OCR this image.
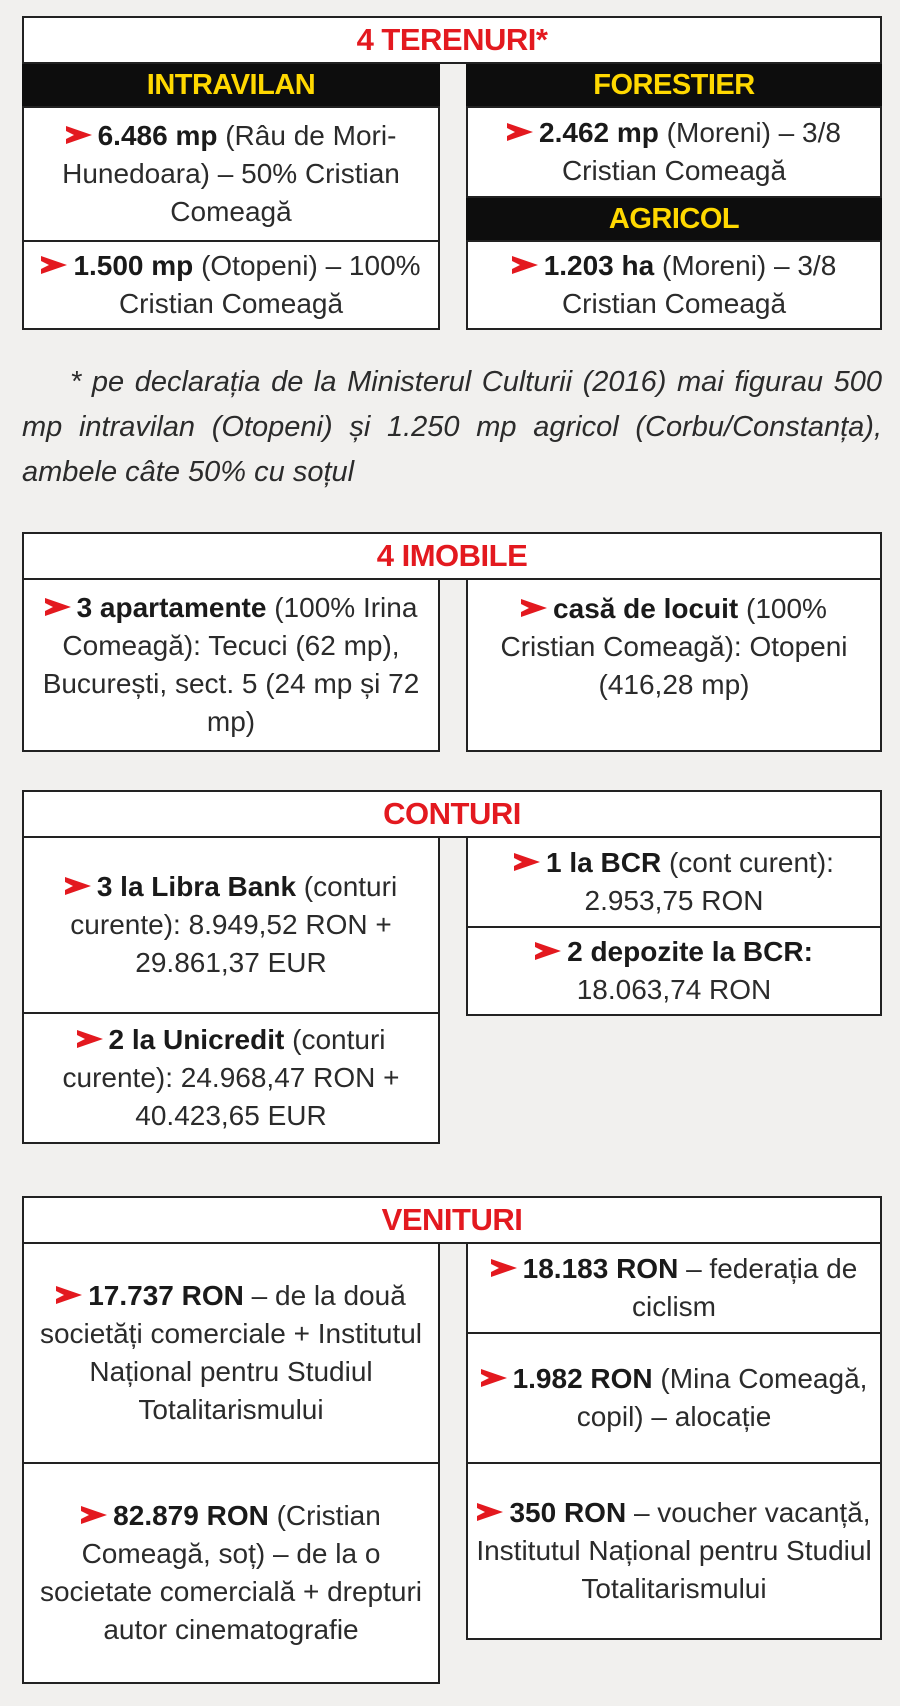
4 TERENURI*
INTRAVILAN	FORESTIER

6.486 mp (Râu de Mori-Hunedoara) – 50% Cristian Comeagă

1.500 mp (Otopeni) – 100% Cristian Comeagă

2.462 mp (Moreni) – 3/8 Cristian Comeagă

AGRICOL

1.203 ha (Moreni) – 3/8 Cristian Comeagă

* pe declarația de la Ministerul Culturii (2016) mai figurau 500 mp intravilan (Otopeni) și 1.250 mp agricol (Corbu/Constanța), ambele câte 50% cu soțul
4 IMOBILE

3 apartamente (100% Irina Comeagă): Tecuci (62 mp), București, sect. 5 (24 mp și 72 mp)

casă de locuit (100% Cristian Comeagă): Otopeni (416,28 mp)

CONTURI

3 la Libra Bank (conturi curente): 8.949,52 RON + 29.861,37 EUR

2 la Unicredit (conturi curente): 24.968,47 RON + 40.423,65 EUR

1 la BCR (cont curent): 2.953,75 RON

2 depozite la BCR: 18.063,74 RON

VENITURI

17.737 RON – de la două societăți comerciale + Institutul Național pentru Studiul Totalitarismului

82.879 RON (Cristian Comeagă, soț) – de la o societate comercială + drepturi autor cinematografie

18.183 RON – federația de ciclism

1.982 RON (Mina Comeagă, copil) – alocație

350 RON – voucher vacanță, Institutul Național pentru Studiul Totalitarismului
